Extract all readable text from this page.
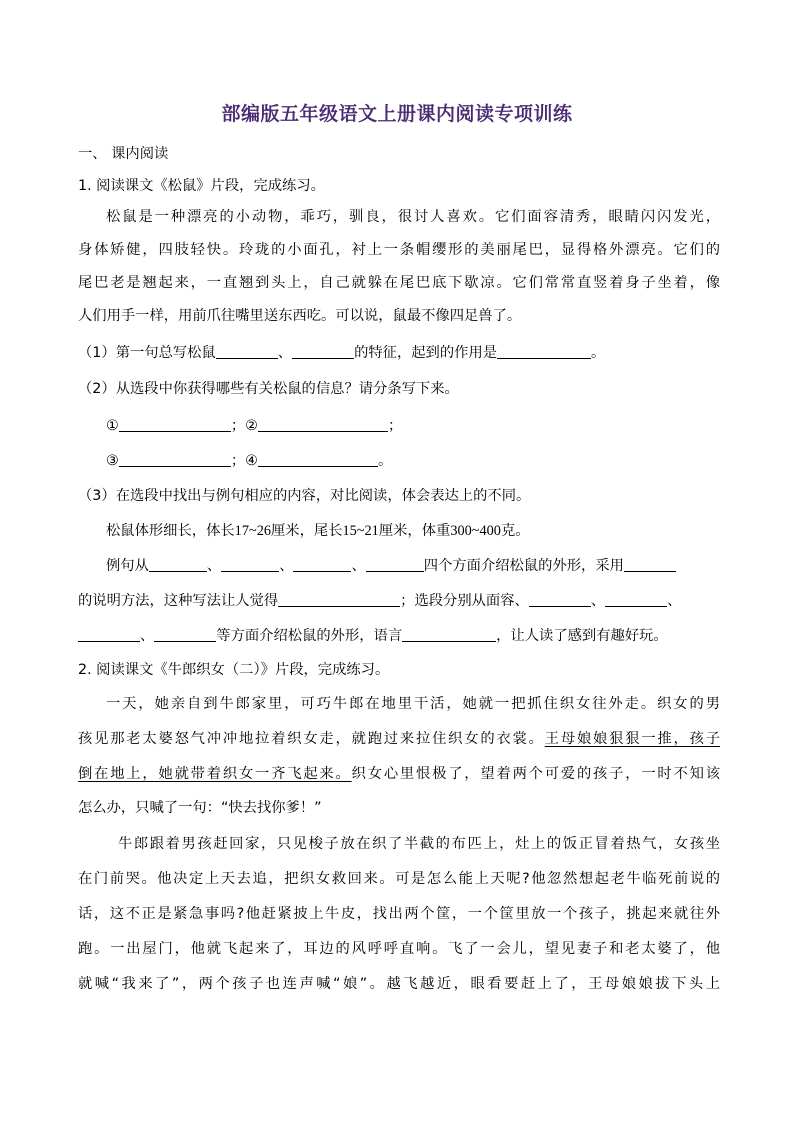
部编版五年级语文上册课内阅读专项训练
一、 课内阅读
1. 阅读课文《松鼠》片段，完成练习。
松鼠是一种漂亮的小动物，乖巧，驯良，很讨人喜欢。它们面容清秀，眼睛闪闪发光，
身体矫健，四肢轻快。玲珑的小面孔，衬上一条帽缨形的美丽尾巴，显得格外漂亮。它们的
尾巴老是翘起来，一直翘到头上，自己就躲在尾巴底下歇凉。它们常常直竖着身子坐着，像
人们用手一样，用前爪往嘴里送东西吃。可以说，鼠最不像四足兽了。
（1）第一句总写松鼠	、	的特征，起到的作用是	。
（2）从选段中你获得哪些有关松鼠的信息？请分条写下来。
①	；②	；
③	；④	。
（3）在选段中找出与例句相应的内容，对比阅读，体会表达上的不同。
松鼠体形细长，体长17~26厘米，尾长15~21厘米，体重300~400克。
例句从	、	、	、	四个方面介绍松鼠的外形，采用
的说明方法，这种写法让人觉得	；选段分别从面容、	、	、
、	等方面介绍松鼠的外形，语言	，让人读了感到有趣好玩。
2. 阅读课文《牛郎织女（二）》片段，完成练习。
一天，她亲自到牛郎家里，可巧牛郎在地里干活，她就一把抓住织女往外走。织女的男
孩见那老太婆怒气冲冲地拉着织女走，就跑过来拉住织女的衣裳。王母娘娘狠狠一推，孩子
倒在地上，她就带着织女一齐飞起来。织女心里恨极了，望着两个可爱的孩子，一时不知该
怎么办，只喊了一句：“快去找你爹！”
牛郎跟着男孩赶回家，只见梭子放在织了半截的布匹上，灶上的饭正冒着热气，女孩坐
在门前哭。他决定上天去追，把织女救回来。可是怎么能上天呢?他忽然想起老牛临死前说的
话，这不正是紧急事吗?他赶紧披上牛皮，找出两个筐，一个筐里放一个孩子，挑起来就往外
跑。一出屋门，他就飞起来了，耳边的风呼呼直响。飞了一会儿，望见妻子和老太婆了，他
就喊“我来了”，两个孩子也连声喊“娘”。越飞越近，眼看要赶上了，王母娘娘拔下头上
